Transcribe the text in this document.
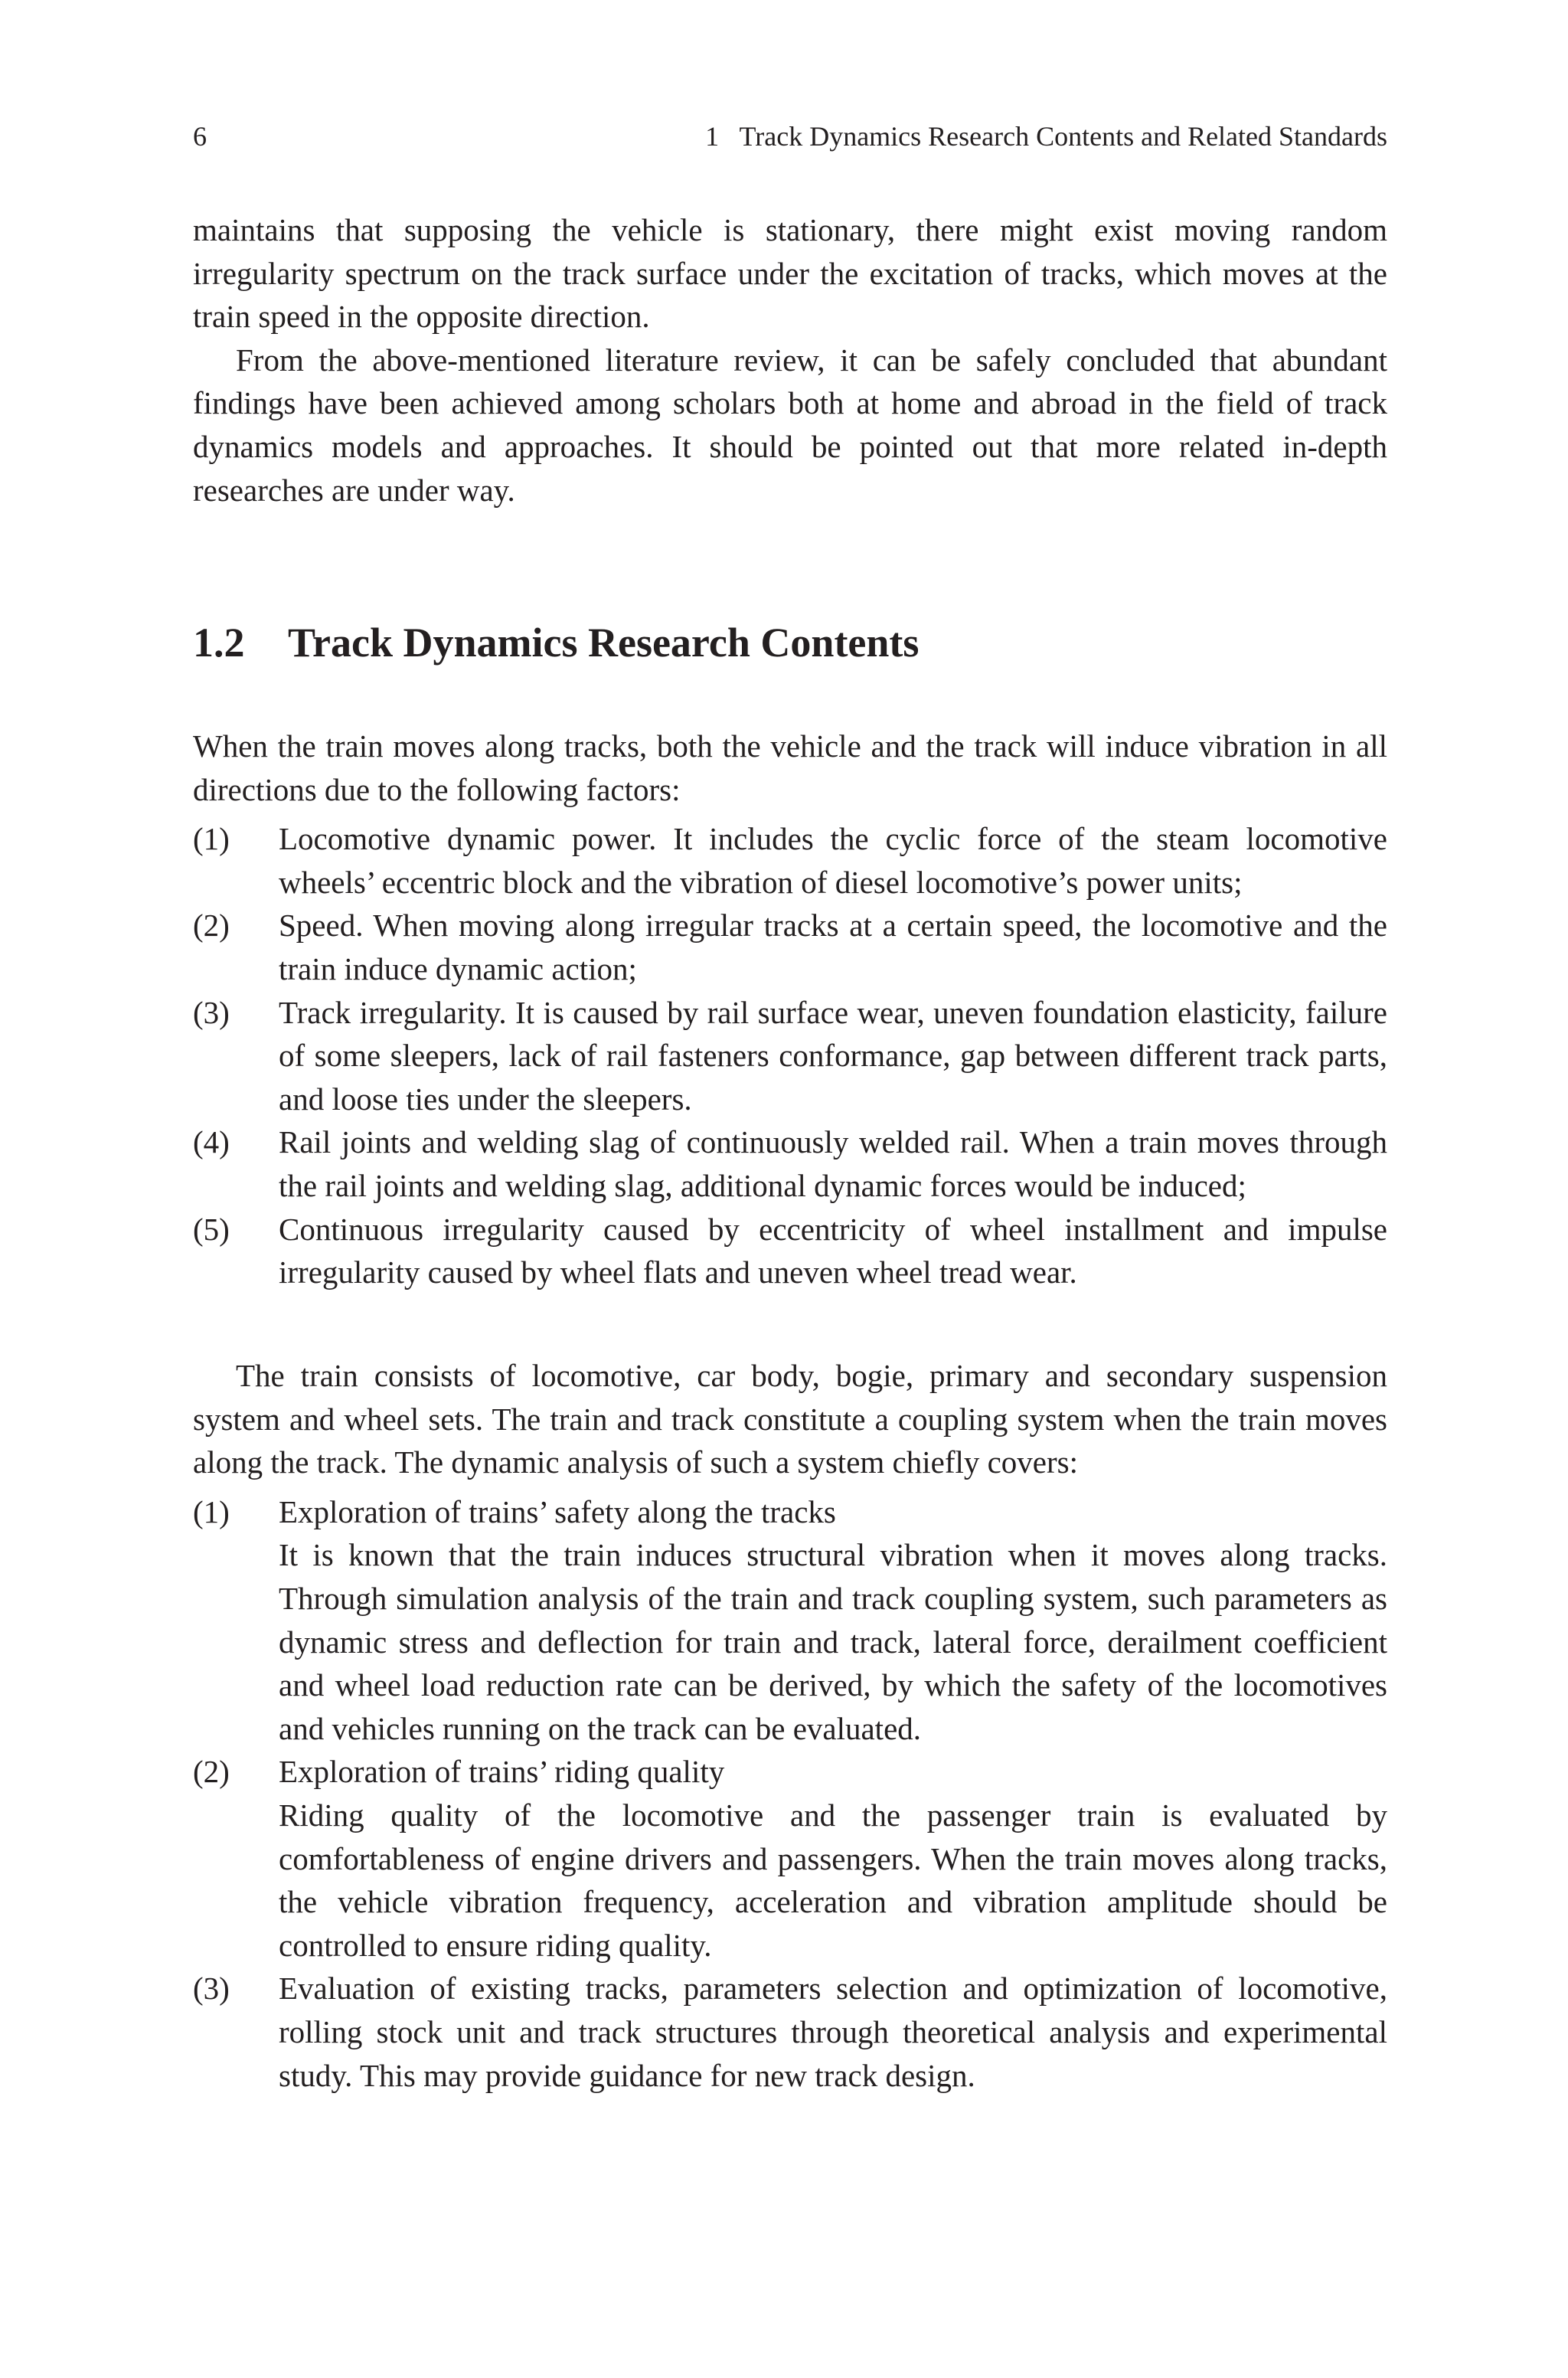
6	1   Track Dynamics Research Contents and Related Standards

maintains that supposing the vehicle is stationary, there might exist moving random irregularity spectrum on the track surface under the excitation of tracks, which moves at the train speed in the opposite direction.

From the above-mentioned literature review, it can be safely concluded that abundant findings have been achieved among scholars both at home and abroad in the field of track dynamics models and approaches. It should be pointed out that more related in-depth researches are under way.

1.2 Track Dynamics Research Contents

When the train moves along tracks, both the vehicle and the track will induce vibration in all directions due to the following factors:

(1) Locomotive dynamic power. It includes the cyclic force of the steam locomotive wheels’ eccentric block and the vibration of diesel locomotive’s power units;
(2) Speed. When moving along irregular tracks at a certain speed, the locomotive and the train induce dynamic action;
(3) Track irregularity. It is caused by rail surface wear, uneven foundation elasticity, failure of some sleepers, lack of rail fasteners conformance, gap between different track parts, and loose ties under the sleepers.
(4) Rail joints and welding slag of continuously welded rail. When a train moves through the rail joints and welding slag, additional dynamic forces would be induced;
(5) Continuous irregularity caused by eccentricity of wheel installment and impulse irregularity caused by wheel flats and uneven wheel tread wear.

The train consists of locomotive, car body, bogie, primary and secondary suspension system and wheel sets. The train and track constitute a coupling system when the train moves along the track. The dynamic analysis of such a system chiefly covers:

(1) Exploration of trains’ safety along the tracks
It is known that the train induces structural vibration when it moves along tracks. Through simulation analysis of the train and track coupling system, such parameters as dynamic stress and deflection for train and track, lateral force, derailment coefficient and wheel load reduction rate can be derived, by which the safety of the locomotives and vehicles running on the track can be evaluated.
(2) Exploration of trains’ riding quality
Riding quality of the locomotive and the passenger train is evaluated by comfortableness of engine drivers and passengers. When the train moves along tracks, the vehicle vibration frequency, acceleration and vibration amplitude should be controlled to ensure riding quality.
(3) Evaluation of existing tracks, parameters selection and optimization of locomotive, rolling stock unit and track structures through theoretical analysis and experimental study. This may provide guidance for new track design.
